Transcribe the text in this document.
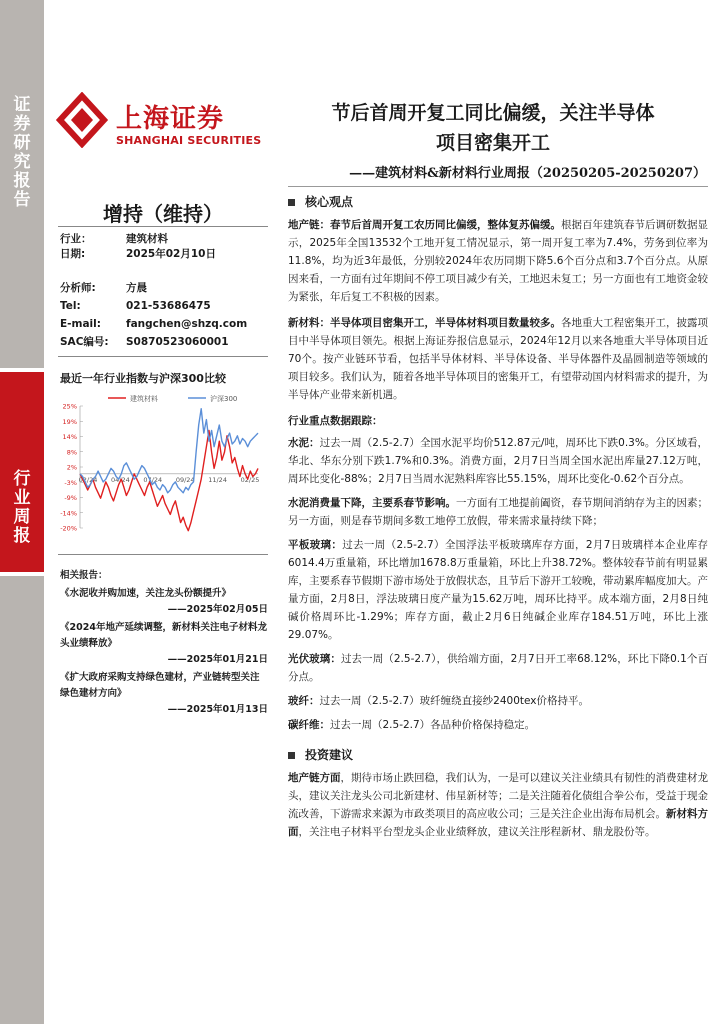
证券研究报告
行业周报
上海证券
SHANGHAI SECURITIES
节后首周开复工同比偏缓，关注半导体
项目密集开工
——建筑材料&新材料行业周报（20250205-20250207）
增持（维持）
行业：	建筑材料
日期:	2025年02月10日
分析师:	方晨
Tel:	021-53686475
E-mail: fangchen@shzq.com
SAC编号: S0870523060001
最近一年行业指数与沪深300比较
建筑材料	沪深300
25%
19%
14%
8%
2%
-3%
-9%
-14%
-20%
02/24 04/24 07/24 09/24 11/24 02/25
相关报告：
《水泥收并购加速，关注龙头份额提升》
——2025年02月05日
《2024年地产延续调整，新材料关注电子材料龙头业绩释放》
——2025年01月21日
《扩大政府采购支持绿色建材，产业链转型关注绿色建材方向》
——2025年01月13日
核心观点
地产链：春节后首周开复工农历同比偏缓，整体复苏偏缓。根据百年建筑春节后调研数据显示，2025年全国13532个工地开复工情况显示，第一周开复工率为7.4%，劳务到位率为11.8%，均为近3年最低，分别较2024年农历同期下降5.6个百分点和3.7个百分点。从原因来看，一方面有过年期间不停工项目减少有关，工地迟未复工；另一方面也有工地资金较为紧张，年后复工不积极的因素。
新材料：半导体项目密集开工，半导体材料项目数量较多。各地重大工程密集开工，披露项目中半导体项目领先。根据上海证券报信息显示，2024年12月以来各地重大半导体项目近70个。按产业链环节看，包括半导体材料、半导体设备、半导体器件及晶圆制造等领域的项目较多。我们认为，随着各地半导体项目的密集开工，有望带动国内材料需求的提升，为半导体产业带来新机遇。
行业重点数据跟踪：
水泥：过去一周（2.5-2.7）全国水泥平均价512.87元/吨，周环比下跌0.3%。分区域看，华北、华东分别下跌1.7%和0.3%。消费方面，2月7日当周全国水泥出库量27.12万吨，周环比变化-88%；2月7日当周水泥熟料库容比55.15%，周环比变化-0.62个百分点。
水泥消费量下降，主要系春节影响。一方面有工地提前阖资，春节期间消纳存为主的因素；另一方面，则是春节期间多数工地停工放假，带来需求量持续下降；
平板玻璃：过去一周（2.5-2.7）全国浮法平板玻璃库存方面，2月7日玻璃样本企业库存6014.4万重量箱，环比增加1678.8万重量箱，环比上升38.72%。整体较春节前有明显累库，主要系春节假期下游市场处于放假状态，且节后下游开工较晚，带动累库幅度加大。产量方面，2月8日，浮法玻璃日度产量为15.62万吨，周环比持平。成本端方面，2月8日纯碱价格周环比-1.29%；库存方面，截止2月6日纯碱企业库存184.51万吨，环比上涨29.07%。
光伏玻璃：过去一周（2.5-2.7），供给端方面，2月7日开工率68.12%，环比下降0.1个百分点。
玻纤：过去一周（2.5-2.7）玻纤缠绕直接纱2400tex价格持平。
碳纤维：过去一周（2.5-2.7）各品种价格保持稳定。
投资建议
地产链方面，期待市场止跌回稳，我们认为，一是可以建议关注业绩具有韧性的消费建材龙头，建议关注龙头公司北新建材、伟星新材等；二是关注随着化债组合拳公布，受益于现金流改善，下游需求来源为市政类项目的高应收公司；三是关注企业出海布局机会。新材料方面，关注电子材料平台型龙头企业业绩释放，建议关注彤程新材、鼎龙股份等。
